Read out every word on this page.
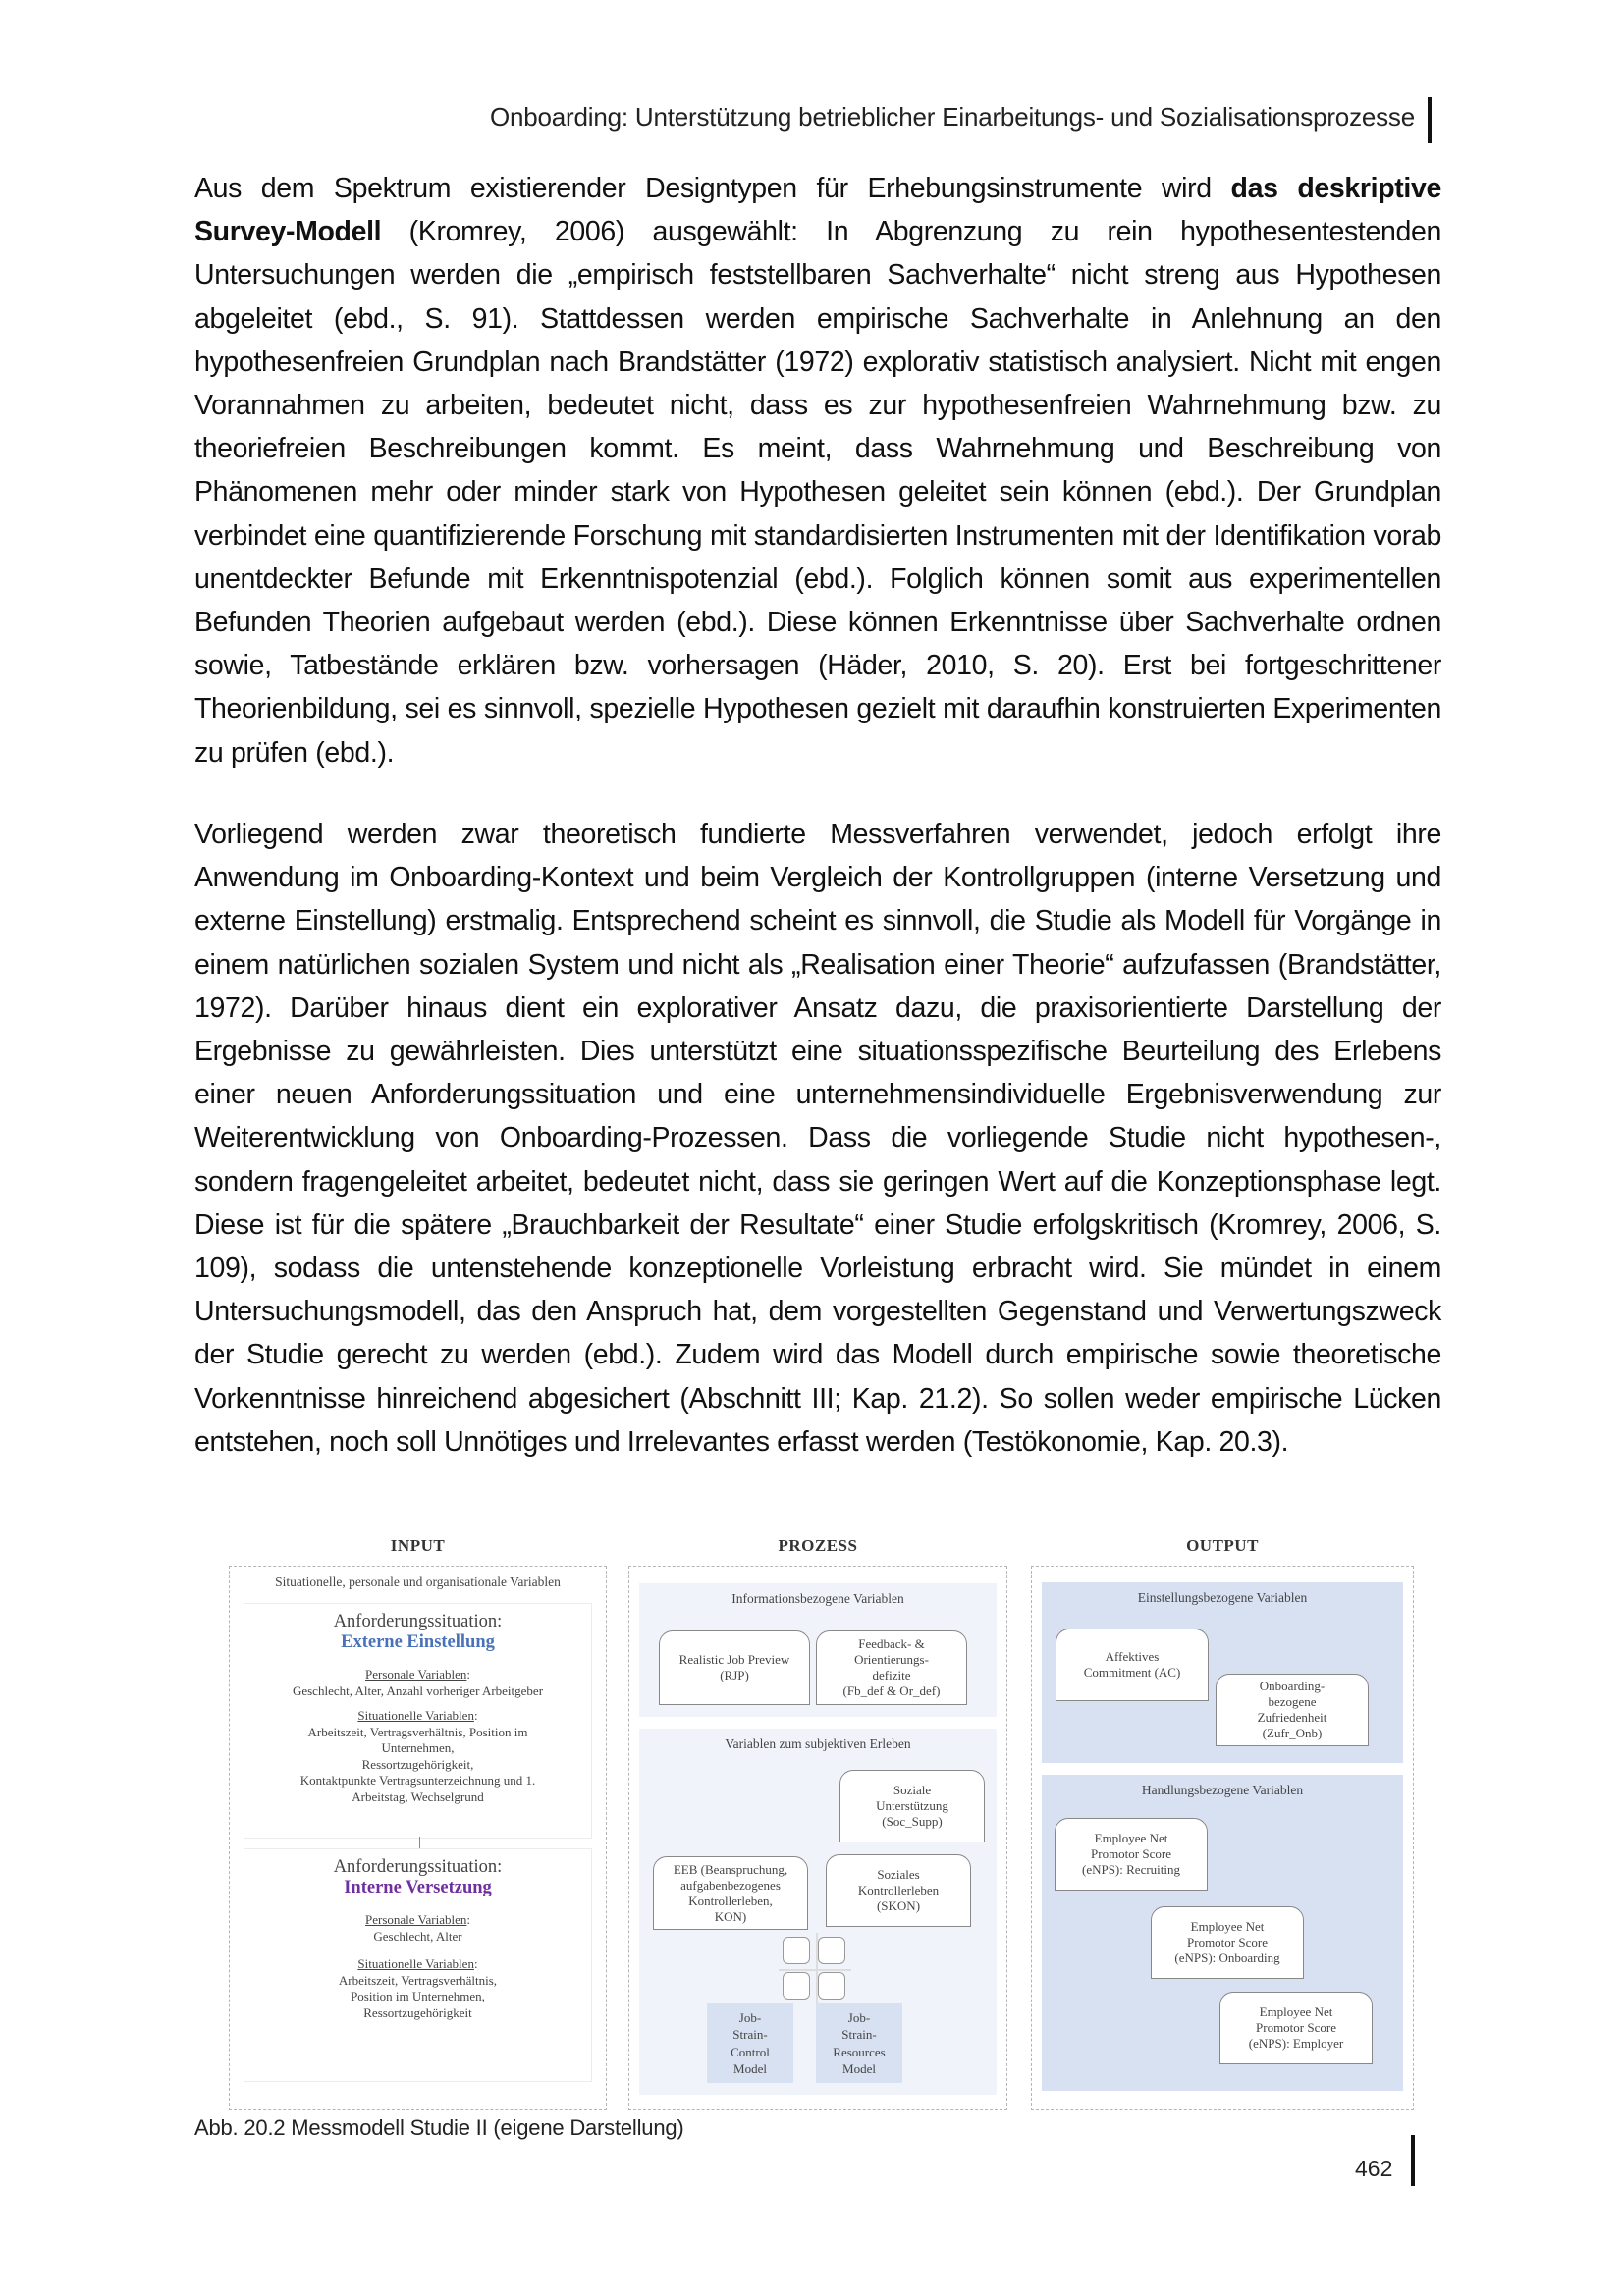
Onboarding: Unterstützung betrieblicher Einarbeitungs- und Sozialisationsprozesse

Aus dem Spektrum existierender Designtypen für Erhebungsinstrumente wird das deskriptive Survey-Modell (Kromrey, 2006) ausgewählt: In Abgrenzung zu rein hypothesentestenden Untersuchungen werden die „empirisch feststellbaren Sachverhalte“ nicht streng aus Hypothesen abgeleitet (ebd., S. 91). Stattdessen werden empirische Sachverhalte in Anlehnung an den hypothesenfreien Grundplan nach Brandstätter (1972) explorativ statistisch analysiert. Nicht mit engen Vorannahmen zu arbeiten, bedeutet nicht, dass es zur hypothesenfreien Wahrnehmung bzw. zu theoriefreien Beschreibungen kommt. Es meint, dass Wahrnehmung und Beschreibung von Phänomenen mehr oder minder stark von Hypothesen geleitet sein können (ebd.). Der Grundplan verbindet eine quantifizierende Forschung mit standardisierten Instrumenten mit der Identifikation vorab unentdeckter Befunde mit Erkenntnispotenzial (ebd.). Folglich können somit aus experimentellen Befunden Theorien aufgebaut werden (ebd.). Diese können Erkenntnisse über Sachverhalte ordnen sowie, Tatbestände erklären bzw. vorhersagen (Häder, 2010, S. 20). Erst bei fortgeschrittener Theorienbildung, sei es sinnvoll, spezielle Hypothesen gezielt mit daraufhin konstruierten Experimenten zu prüfen (ebd.).

Vorliegend werden zwar theoretisch fundierte Messverfahren verwendet, jedoch erfolgt ihre Anwendung im Onboarding-Kontext und beim Vergleich der Kontrollgruppen (interne Versetzung und externe Einstellung) erstmalig. Entsprechend scheint es sinnvoll, die Studie als Modell für Vorgänge in einem natürlichen sozialen System und nicht als „Realisation einer Theorie“ aufzufassen (Brandstätter, 1972). Darüber hinaus dient ein explorativer Ansatz dazu, die praxisorientierte Darstellung der Ergebnisse zu gewährleisten. Dies unterstützt eine situationsspezifische Beurteilung des Erlebens einer neuen Anforderungssituation und eine unternehmensindividuelle Ergebnisverwendung zur Weiterentwicklung von Onboarding-Prozessen. Dass die vorliegende Studie nicht hypothesen-, sondern fragengeleitet arbeitet, bedeutet nicht, dass sie geringen Wert auf die Konzeptionsphase legt. Diese ist für die spätere „Brauchbarkeit der Resultate“ einer Studie erfolgskritisch (Kromrey, 2006, S. 109), sodass die untenstehende konzeptionelle Vorleistung erbracht wird. Sie mündet in einem Untersuchungsmodell, das den Anspruch hat, dem vorgestellten Gegenstand und Verwertungszweck der Studie gerecht zu werden (ebd.). Zudem wird das Modell durch empirische sowie theoretische Vorkenntnisse hinreichend abgesichert (Abschnitt III; Kap. 21.2). So sollen weder empirische Lücken entstehen, noch soll Unnötiges und Irrelevantes erfasst werden (Testökonomie, Kap. 20.3).

INPUT
Situationelle, personale und organisationale Variablen
Anforderungssituation:
Externe Einstellung
Personale Variablen:
Geschlecht, Alter, Anzahl vorheriger Arbeitgeber
Situationelle Variablen:
Arbeitszeit, Vertragsverhältnis, Position im
Unternehmen,
Ressortzugehörigkeit,
Kontaktpunkte Vertragsunterzeichnung und 1.
Arbeitstag, Wechselgrund
Anforderungssituation:
Interne Versetzung
Personale Variablen:
Geschlecht, Alter
Situationelle Variablen:
Arbeitszeit, Vertragsverhältnis,
Position im Unternehmen,
Ressortzugehörigkeit
PROZESS
Informationsbezogene Variablen
Realistic Job Preview
(RJP)
Feedback- &
Orientierungs-
defizite
(Fb_def & Or_def)
Variablen zum subjektiven Erleben
Soziale
Unterstützung
(Soc_Supp)
EEB (Beanspruchung,
aufgabenbezogenes
Kontrollerleben,
KON)
Soziales
Kontrollerleben
(SKON)
Job-
Strain-
Control
Model
Job-
Strain-
Resources
Model
OUTPUT
Einstellungsbezogene Variablen
Affektives
Commitment (AC)
Onboarding-
bezogene
Zufriedenheit
(Zufr_Onb)
Handlungsbezogene Variablen
Employee Net
Promotor Score
(eNPS): Recruiting
Employee Net
Promotor Score
(eNPS): Onboarding
Employee Net
Promotor Score
(eNPS): Employer
Abb. 20.2 Messmodell Studie II (eigene Darstellung)
462
